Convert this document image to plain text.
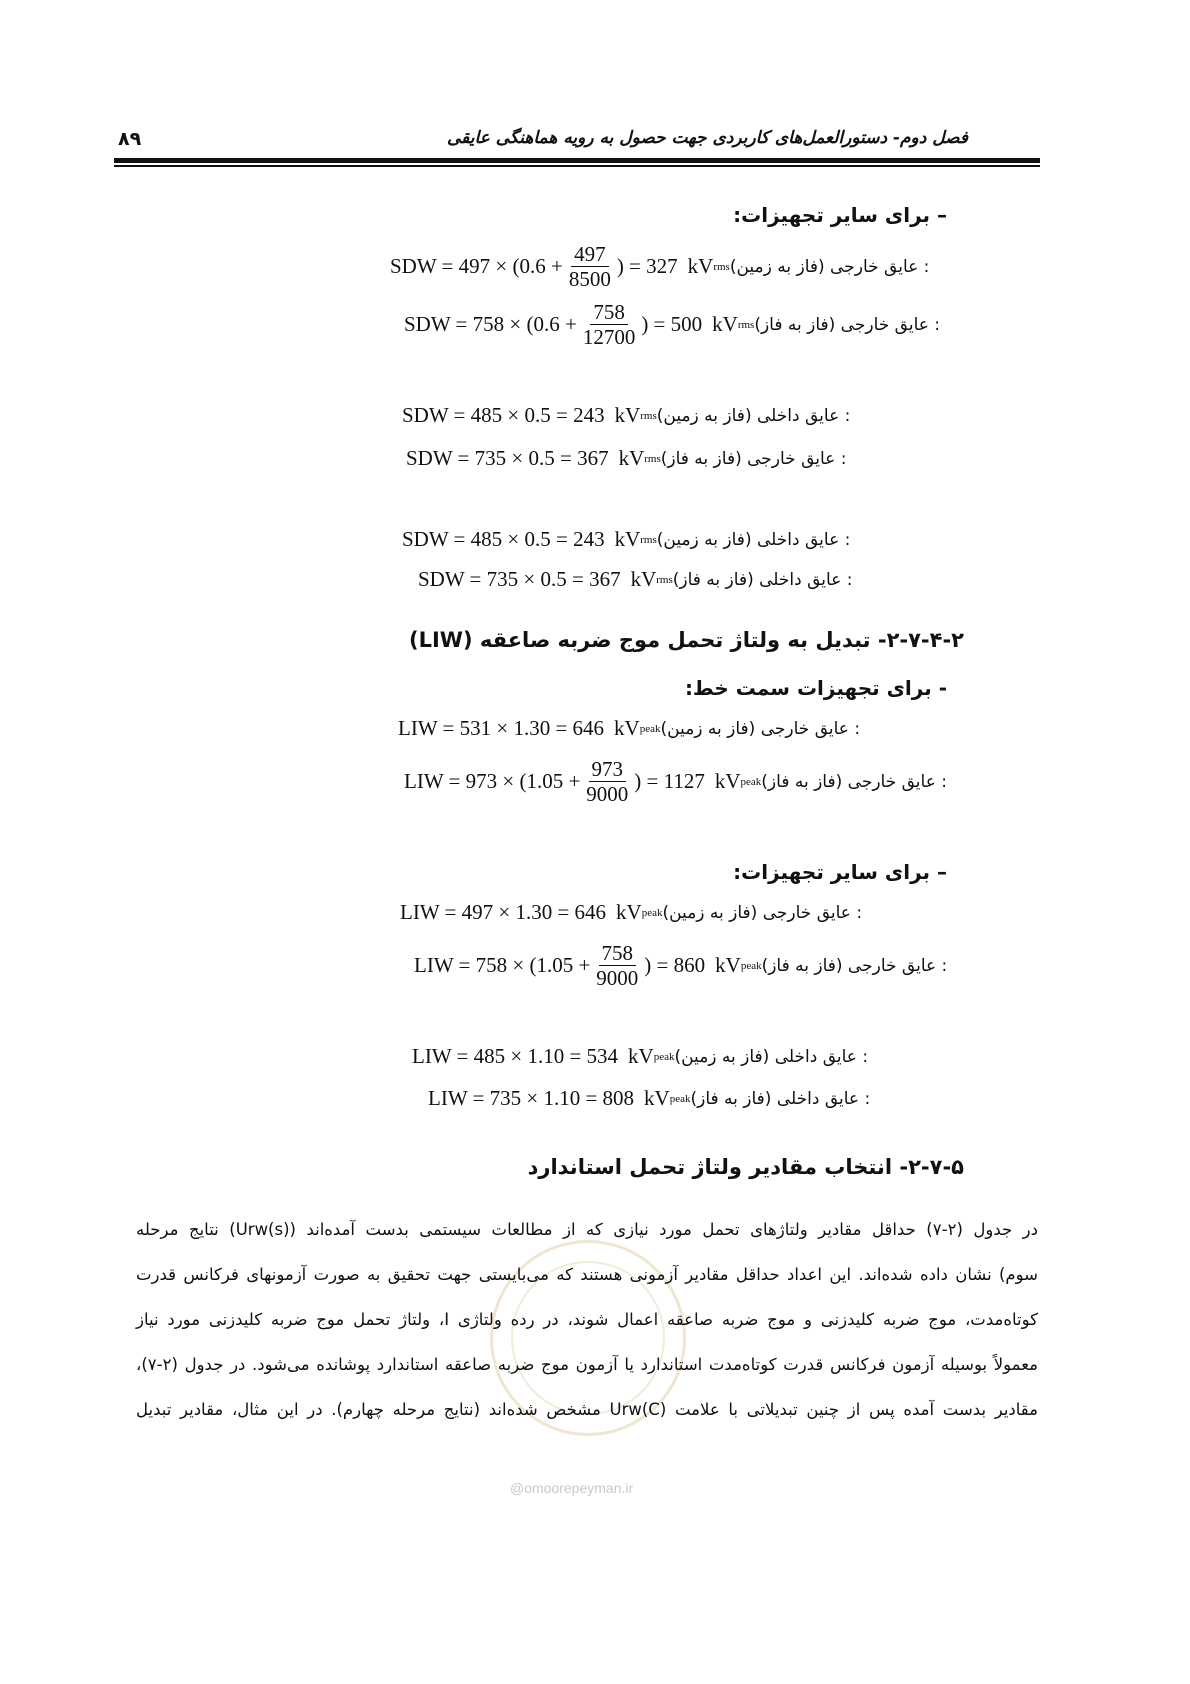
فصل دوم- دستورالعمل‌های کاربردی جهت حصول به رویه هماهنگی عایقی
۸۹
– برای سایر تجهیزات:
SDW = $497 \times (0.6 + \frac{497}{8500}$ ) = 327 kV rms : عایق خارجی (فاز به زمین)
SDW = $758 \times (0.6 + \frac{758}{12700}$ ) = 500 kV rms : عایق خارجی (فاز به فاز)
SDW = 485 × 0.5 = 243 kV rms : عایق داخلی (فاز به زمین)
SDW = 735 × 0.5 = 367 kV rms : عایق خارجی (فاز به فاز)
SDW = 485 × 0.5 = 243 kV rms : عایق داخلی (فاز به زمین)
SDW = 735 × 0.5 = 367 kV rms : عایق داخلی (فاز به فاز)
۲-۷-۴-۲- تبدیل به ولتاژ تحمل موج ضربه صاعقه (LIW)
- برای تجهیزات سمت خط:
LIW = 531 × 1.30 = 646 kV peak : عایق خارجی (فاز به زمین)
LIW = $973 \times (1.05 + \frac{973}{9000}$ ) = 1127 kV peak : عایق خارجی (فاز به فاز)
– برای سایر تجهیزات:
LIW = 497 × 1.30 = 646 kV peak : عایق خارجی (فاز به زمین)
LIW = $758 \times (1.05 + \frac{758}{9000}$ ) = 860 kV peak : عایق خارجی (فاز به فاز)
LIW = 485 × 1.10 = 534 kV peak : عایق داخلی (فاز به زمین)
LIW = 735 × 1.10 = 808 kV peak : عایق داخلی (فاز به فاز)
۲-۷-۵- انتخاب مقادیر ولتاژ تحمل استاندارد
@omoorepeyman.ir
در جدول (۲-۷) حداقل مقادیر ولتاژهای تحمل مورد نیازی که از مطالعات سیستمی بدست آمده‌اند (Urw(s)) نتایج مرحله
سوم) نشان داده شده‌اند. این اعداد حداقل مقادیر آزمونی هستند که می‌بایستی جهت تحقیق به صورت آزمونهای فرکانس قدرت
کوتاه‌مدت، موج ضربه کلیدزنی و موج ضربه صاعقه اعمال شوند، در رده ولتاژی I، ولتاژ تحمل موج ضربه کلیدزنی مورد نیاز
معمولاً بوسیله آزمون فرکانس قدرت کوتاه‌مدت استاندارد یا آزمون موج ضربه صاعقه استاندارد پوشانده می‌شود. در جدول (۲-۷)،
مقادیر بدست آمده پس از چنین تبدیلاتی با علامت Urw(C) مشخص شده‌اند (نتایج مرحله چهارم). در این مثال، مقادیر تبدیل
